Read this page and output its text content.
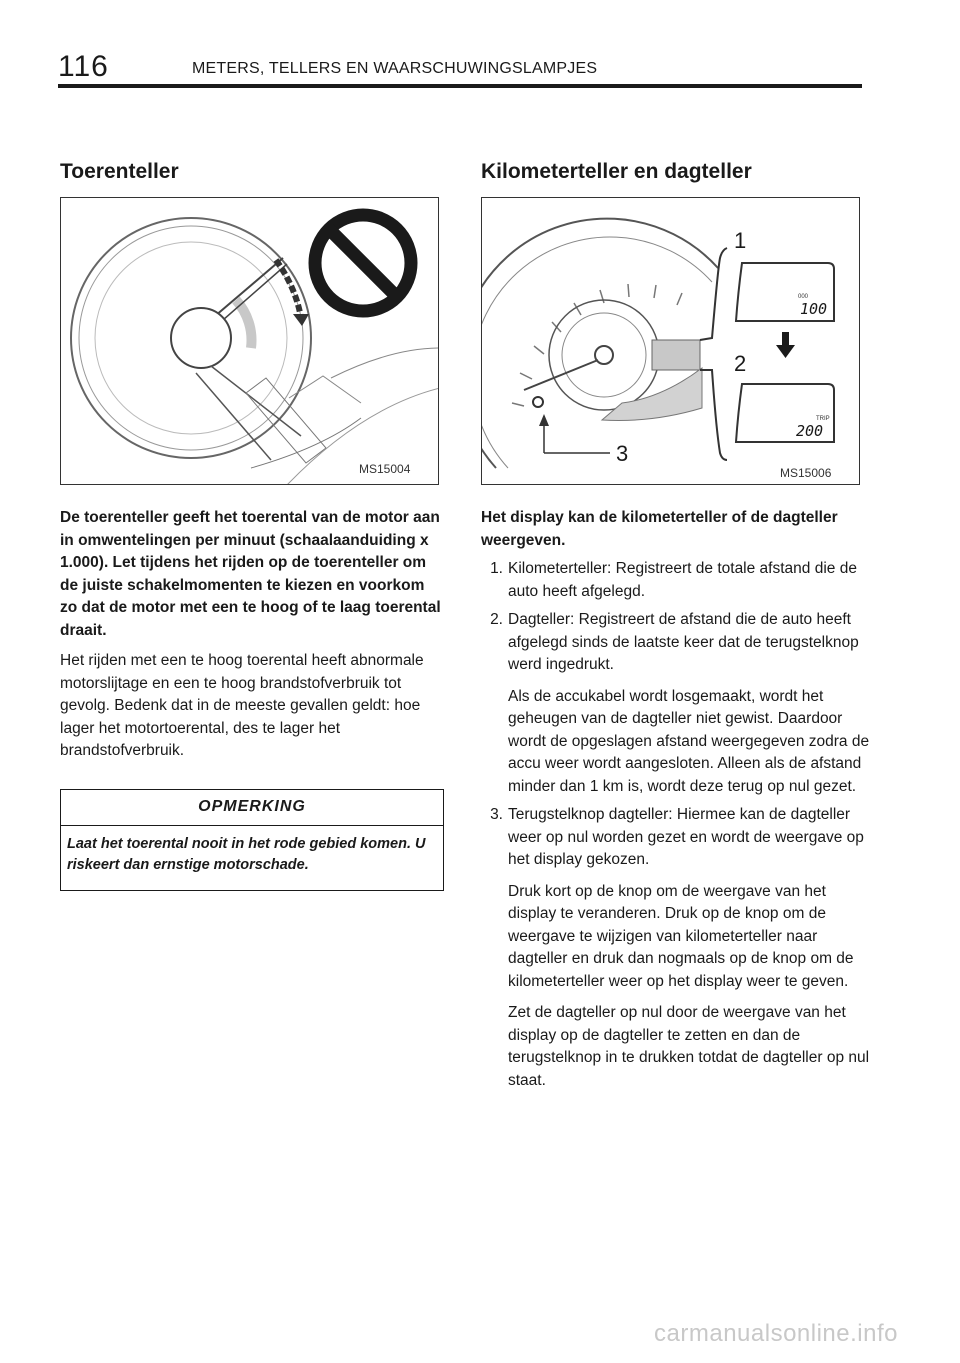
116	METERS, TELLERS EN WAARSCHUWINGSLAMPJES
Toerenteller
MS15004

De toerenteller geeft het toerental van de motor aan in omwentelingen per minuut (schaalaanduiding x 1.000). Let tijdens het rijden op de toerenteller om de juiste schakelmomenten te kiezen en voorkom zo dat de motor met een te hoog of te laag toerental draait.

Het rijden met een te hoog toerental heeft abnormale motorslijtage en een te hoog brandstofverbruik tot gevolg. Bedenk dat in de meeste gevallen geldt: hoe lager het motortoerental, des te lager het brandstofverbruik.

OPMERKING
Laat het toerental nooit in het rode gebied komen. U riskeert dan ernstige motorschade.
Kilometerteller en dagteller
3
1
000
100
2
TRIP
200
MS15006

Het display kan de kilometerteller of de dagteller weergeven.

1. Kilometerteller: Registreert de totale afstand die de auto heeft afgelegd.

2. Dagteller: Registreert de afstand die de auto heeft afgelegd sinds de laatste keer dat de terugstelknop werd ingedrukt.

Als de accukabel wordt losgemaakt, wordt het geheugen van de dagteller niet gewist. Daardoor wordt de opgeslagen afstand weergegeven zodra de accu weer wordt aangesloten. Alleen als de afstand minder dan 1 km is, wordt deze terug op nul gezet.

3. Terugstelknop dagteller: Hiermee kan de dagteller weer op nul worden gezet en wordt de weergave op het display gekozen.

Druk kort op de knop om de weergave van het display te veranderen. Druk op de knop om de weergave te wijzigen van kilometerteller naar dagteller en druk dan nogmaals op de knop om de kilometerteller weer op het display weer te geven.

Zet de dagteller op nul door de weergave van het display op de dagteller te zetten en dan de terugstelknop in te drukken totdat de dagteller op nul staat.

carmanualsonline.info
